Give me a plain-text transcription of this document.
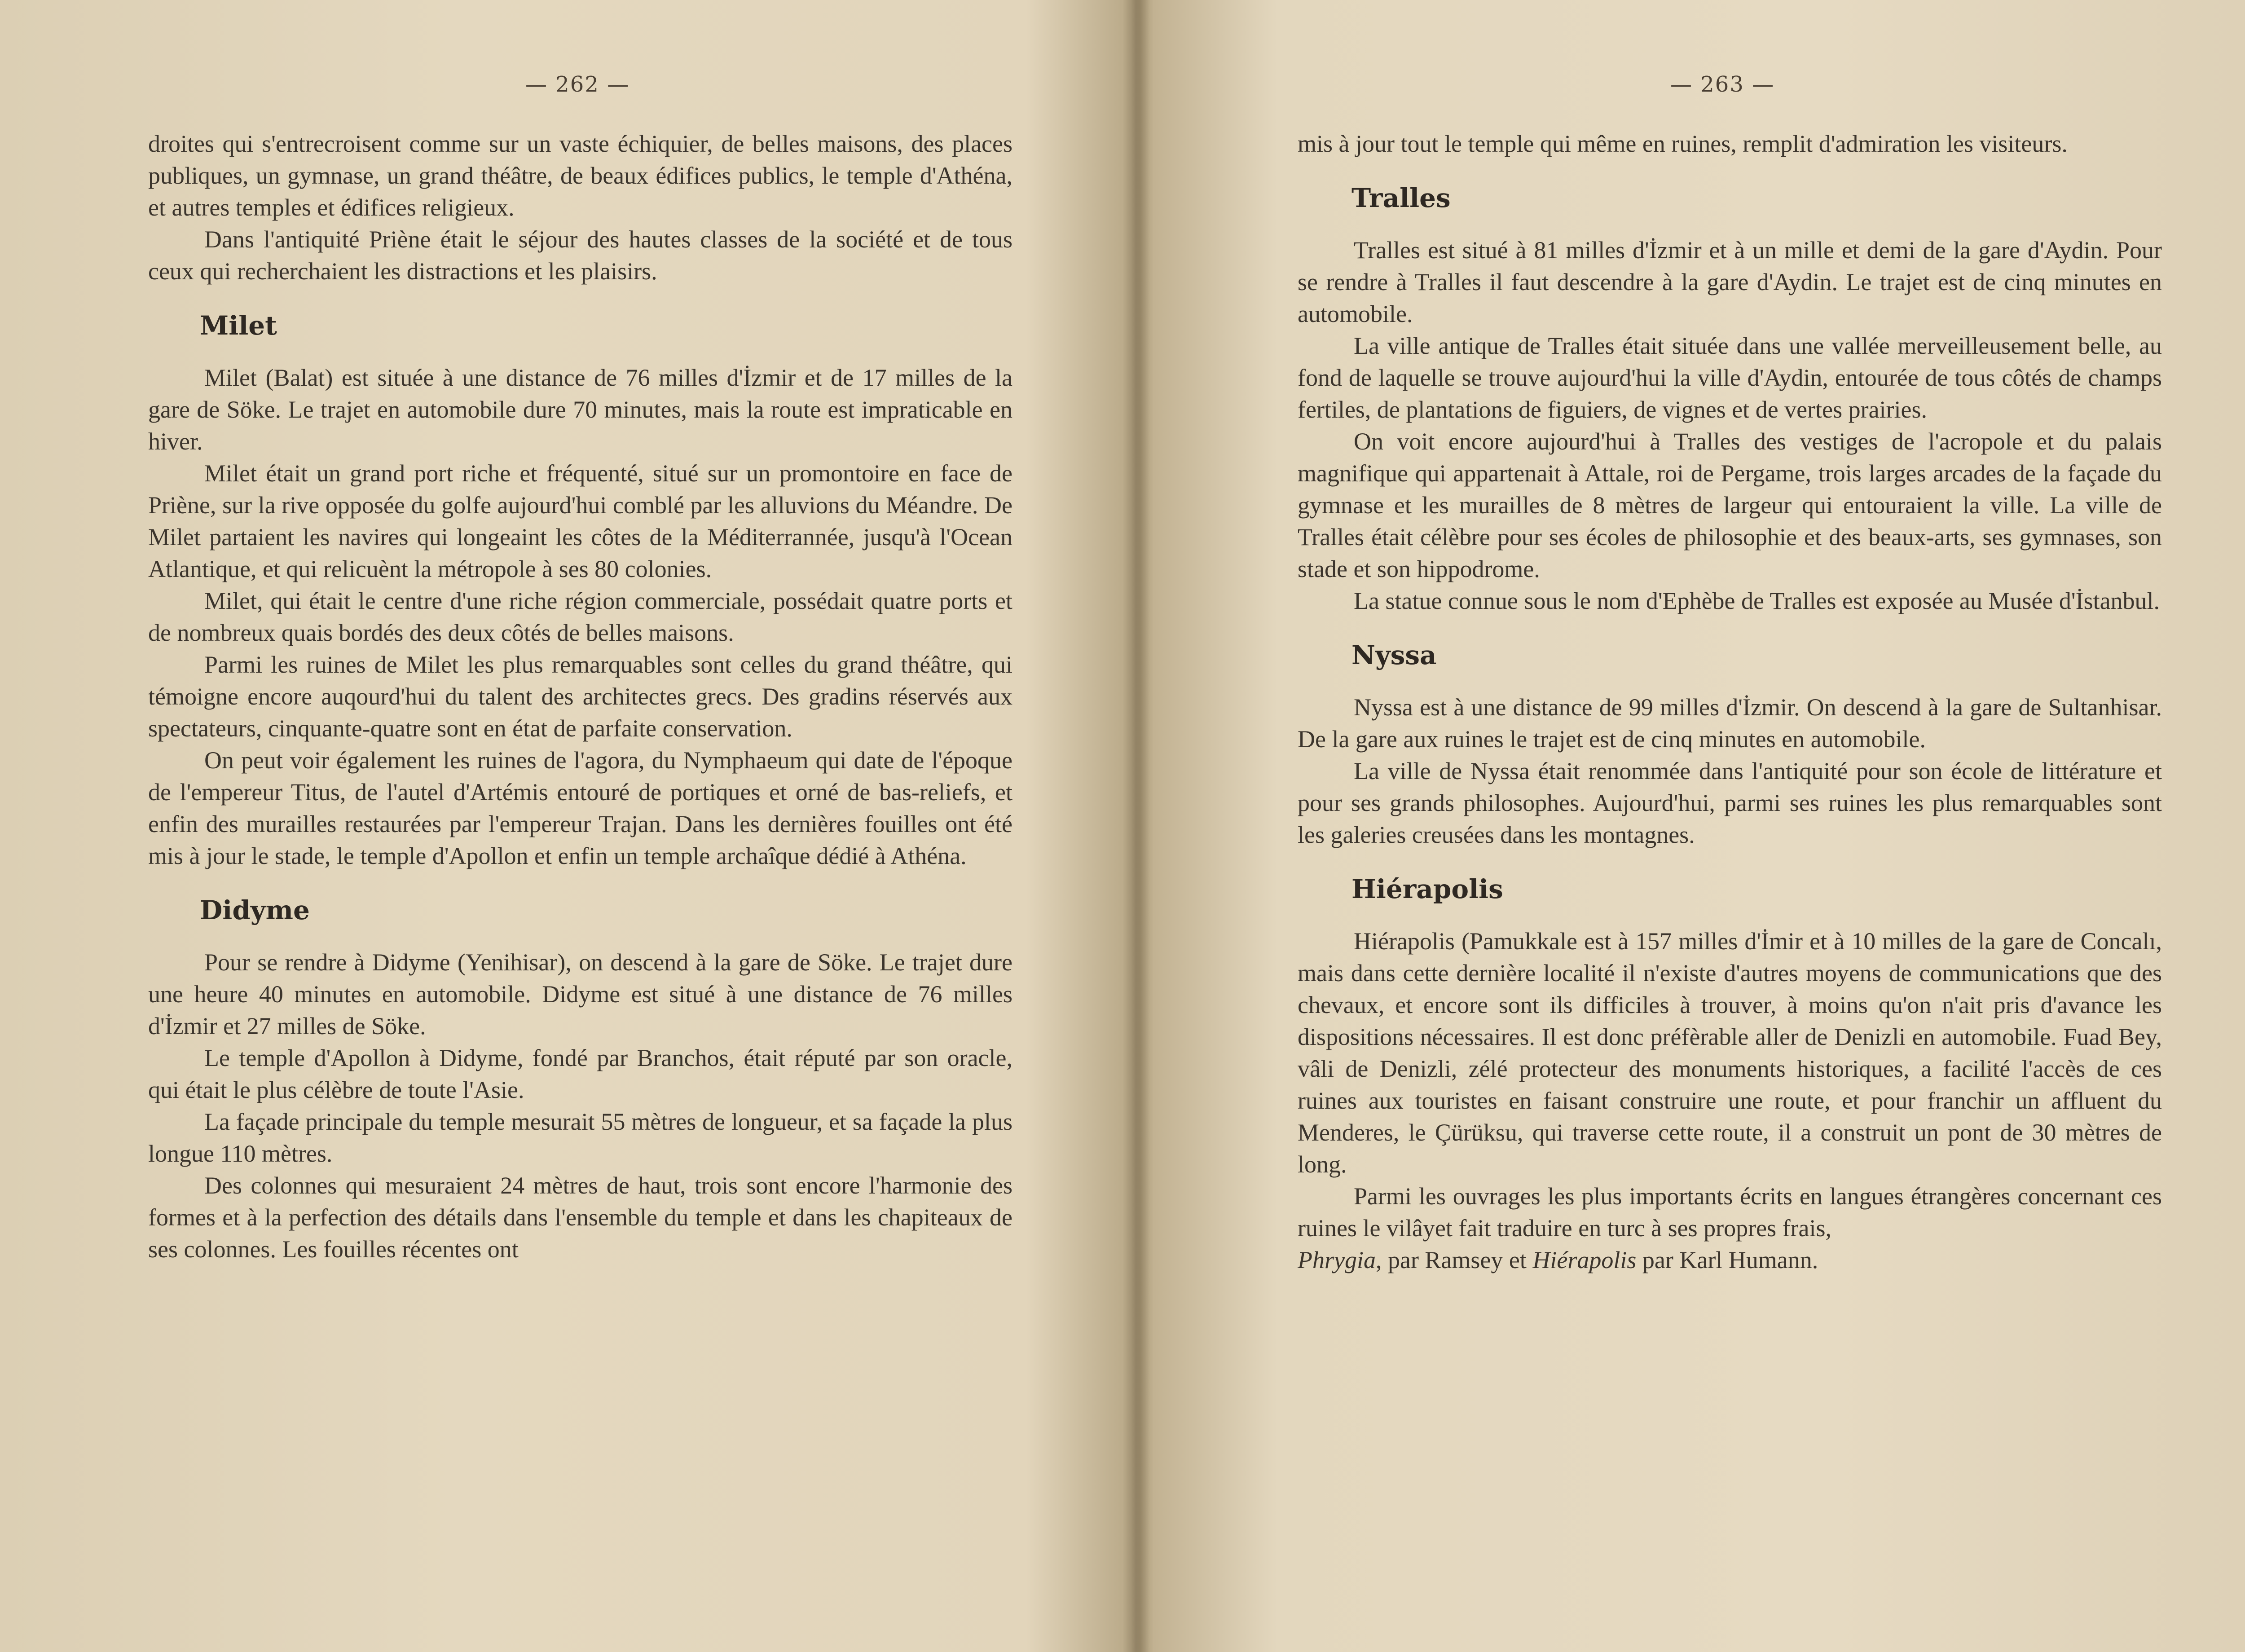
— 262 —	— 263 —

droites qui s'entrecroisent comme sur un vaste échiquier, de belles maisons, des places publiques, un gymnase, un grand théâtre, de beaux édifices publics, le temple d'Athéna, et autres temples et édifices religieux.

Dans l'antiquité Priène était le séjour des hautes classes de la société et de tous ceux qui recherchaient les distractions et les plaisirs.

Milet

Milet (Balat) est située à une distance de 76 milles d'İzmir et de 17 milles de la gare de Söke. Le trajet en automobile dure 70 minutes, mais la route est impraticable en hiver.

Milet était un grand port riche et fréquenté, situé sur un promontoire en face de Priène, sur la rive opposée du golfe aujourd'hui comblé par les alluvions du Méandre. De Milet partaient les navires qui longeaint les côtes de la Méditerrannée, jusqu'à l'Ocean Atlantique, et qui relicuènt la métropole à ses 80 colonies.

Milet, qui était le centre d'une riche région commerciale, possédait quatre ports et de nombreux quais bordés des deux côtés de belles maisons.

Parmi les ruines de Milet les plus remarquables sont celles du grand théâtre, qui témoigne encore auqourd'hui du talent des architectes grecs. Des gradins réservés aux spectateurs, cinquante-quatre sont en état de parfaite conservation.

On peut voir également les ruines de l'agora, du Nymphaeum qui date de l'époque de l'empereur Titus, de l'autel d'Artémis entouré de portiques et orné de bas-reliefs, et enfin des murailles restaurées par l'empereur Trajan. Dans les dernières fouilles ont été mis à jour le stade, le temple d'Apollon et enfin un temple archaîque dédié à Athéna.

Didyme

Pour se rendre à Didyme (Yenihisar), on descend à la gare de Söke. Le trajet dure une heure 40 minutes en automobile. Didyme est situé à une distance de 76 milles d'İzmir et 27 milles de Söke.

Le temple d'Apollon à Didyme, fondé par Branchos, était réputé par son oracle, qui était le plus célèbre de toute l'Asie.

La façade principale du temple mesurait 55 mètres de longueur, et sa façade la plus longue 110 mètres.

Des colonnes qui mesuraient 24 mètres de haut, trois sont encore l'harmonie des formes et à la perfection des détails dans l'ensemble du temple et dans les chapiteaux de ses colonnes. Les fouilles récentes ont

mis à jour tout le temple qui même en ruines, remplit d'admiration les visiteurs.

Tralles

Tralles est situé à 81 milles d'İzmir et à un mille et demi de la gare d'Aydin. Pour se rendre à Tralles il faut descendre à la gare d'Aydin. Le trajet est de cinq minutes en automobile.

La ville antique de Tralles était située dans une vallée merveilleusement belle, au fond de laquelle se trouve aujourd'hui la ville d'Aydin, entourée de tous côtés de champs fertiles, de plantations de figuiers, de vignes et de vertes prairies.

On voit encore aujourd'hui à Tralles des vestiges de l'acropole et du palais magnifique qui appartenait à Attale, roi de Pergame, trois larges arcades de la façade du gymnase et les murailles de 8 mètres de largeur qui entouraient la ville. La ville de Tralles était célèbre pour ses écoles de philosophie et des beaux-arts, ses gymnases, son stade et son hippodrome.

La statue connue sous le nom d'Ephèbe de Tralles est exposée au Musée d'İstanbul.

Nyssa

Nyssa est à une distance de 99 milles d'İzmir. On descend à la gare de Sultanhisar. De la gare aux ruines le trajet est de cinq minutes en automobile.

La ville de Nyssa était renommée dans l'antiquité pour son école de littérature et pour ses grands philosophes. Aujourd'hui, parmi ses ruines les plus remarquables sont les galeries creusées dans les montagnes.

Hiérapolis

Hiérapolis (Pamukkale est à 157 milles d'İmir et à 10 milles de la gare de Concalı, mais dans cette dernière localité il n'existe d'autres moyens de communications que des chevaux, et encore sont ils difficiles à trouver, à moins qu'on n'ait pris d'avance les dispositions nécessaires. Il est donc préfèrable aller de Denizli en automobile. Fuad Bey, vâli de Denizli, zélé protecteur des monuments historiques, a facilité l'accès de ces ruines aux touristes en faisant construire une route, et pour franchir un affluent du Menderes, le Çürüksu, qui traverse cette route, il a construit un pont de 30 mètres de long.

Parmi les ouvrages les plus importants écrits en langues étrangères concernant ces ruines le vilâyet fait traduire en turc à ses propres frais,

Phrygia, par Ramsey et Hiérapolis par Karl Humann.
